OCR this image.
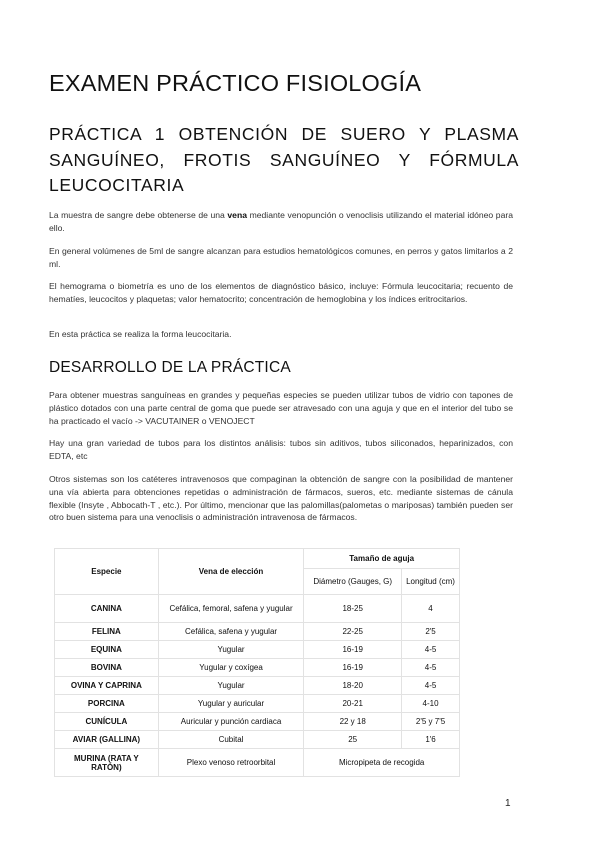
EXAMEN PRÁCTICO FISIOLOGÍA
PRÁCTICA 1 OBTENCIÓN DE SUERO Y PLASMA SANGUÍNEO, FROTIS SANGUÍNEO Y FÓRMULA LEUCOCITARIA

La muestra de sangre debe obtenerse de una vena mediante venopunción o venoclisis utilizando el material idóneo para ello.

En general volúmenes de 5ml de sangre alcanzan para estudios hematológicos comunes, en perros y gatos limitarlos a 2 ml.

El hemograma o biometría es uno de los elementos de diagnóstico básico, incluye: Fórmula leucocitaria; recuento de hematíes, leucocitos y plaquetas; valor hematocrito; concentración de hemoglobina y los índices eritrocitarios.

En esta práctica se realiza la forma leucocitaria.

DESARROLLO DE LA PRÁCTICA

Para obtener muestras sanguíneas en grandes y pequeñas especies se pueden utilizar tubos de vidrio con tapones de plástico dotados con una parte central de goma que puede ser atravesado con una aguja y que en el interior del tubo se ha practicado el vacío -> VACUTAINER o VENOJECT

Hay una gran variedad de tubos para los distintos análisis: tubos sin aditivos, tubos siliconados, heparinizados, con EDTA, etc

Otros sistemas son los catéteres intravenosos que compaginan la obtención de sangre con la posibilidad de mantener una vía abierta para obtenciones repetidas o administración de fármacos, sueros, etc. mediante sistemas de cánula flexible (Insyte , Abbocath-T , etc.). Por último, mencionar que las palomillas(palometas o mariposas) también pueden ser otro buen sistema para una venoclisis o administración intravenosa de fármacos.

Especie	Vena de elección	Tamaño de aguja	
		Diámetro (Gauges, G)	Longitud (cm)
CANINA	Cefálica, femoral, safena y yugular	18-25	4
FELINA	Cefálica, safena y yugular	22-25	2'5
EQUINA	Yugular	16-19	4-5
BOVINA	Yugular y coxígea	16-19	4-5
OVINA Y CAPRINA	Yugular	18-20	4-5
PORCINA	Yugular y auricular	20-21	4-10
CUNÍCULA	Auricular y punción cardiaca	22 y 18	2'5 y 7'5
AVIAR (GALLINA)	Cubital	25	1'6
MURINA (RATA Y RATÓN)	Plexo venoso retroorbital	Micropipeta de recogida	
1
